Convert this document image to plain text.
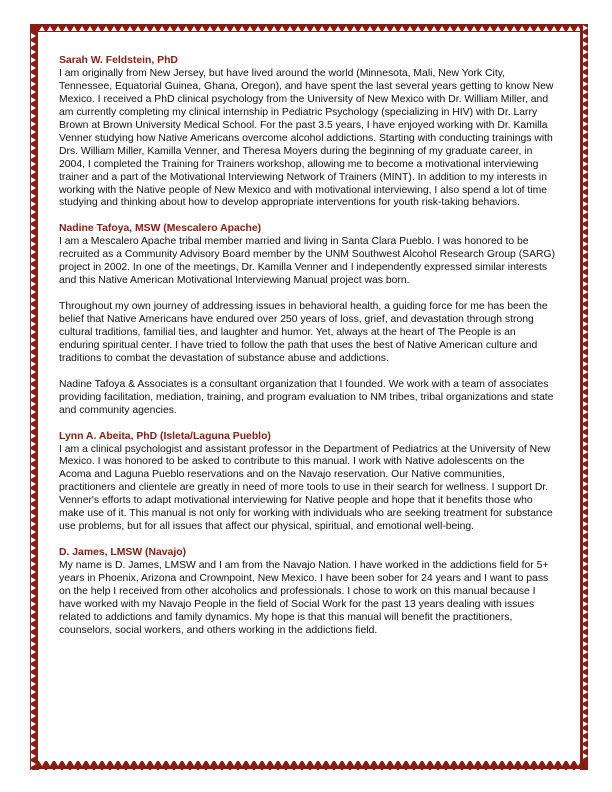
Sarah W. Feldstein, PhD

I am originally from New Jersey, but have lived around the world (Minnesota, Mali, New York City, Tennessee, Equatorial Guinea, Ghana, Oregon), and have spent the last several years getting to know New Mexico. I received a PhD clinical psychology from the University of New Mexico with Dr. William Miller, and am currently completing my clinical internship in Pediatric Psychology (specializing in HIV) with Dr. Larry Brown at Brown University Medical School. For the past 3.5 years, I have enjoyed working with Dr. Kamilla Venner studying how Native Americans overcome alcohol addictions. Starting with conducting trainings with Drs. William Miller, Kamilla Venner, and Theresa Moyers during the beginning of my graduate career, in 2004, I completed the Training for Trainers workshop, allowing me to become a motivational interviewing trainer and a part of the Motivational Interviewing Network of Trainers (MINT). In addition to my interests in working with the Native people of New Mexico and with motivational interviewing, I also spend a lot of time studying and thinking about how to develop appropriate interventions for youth risk-taking behaviors.

Nadine Tafoya, MSW (Mescalero Apache)

I am a Mescalero Apache tribal member married and living in Santa Clara Pueblo. I was honored to be recruited as a Community Advisory Board member by the UNM Southwest Alcohol Research Group (SARG) project in 2002. In one of the meetings, Dr. Kamilla Venner and I independently expressed similar interests and this Native American Motivational Interviewing Manual project was born.

Throughout my own journey of addressing issues in behavioral health, a guiding force for me has been the belief that Native Americans have endured over 250 years of loss, grief, and devastation through strong cultural traditions, familial ties, and laughter and humor. Yet, always at the heart of The People is an enduring spiritual center. I have tried to follow the path that uses the best of Native American culture and traditions to combat the devastation of substance abuse and addictions.

Nadine Tafoya & Associates is a consultant organization that I founded. We work with a team of associates providing facilitation, mediation, training, and program evaluation to NM tribes, tribal organizations and state and community agencies.

Lynn A. Abeita, PhD (Isleta/Laguna Pueblo)

I am a clinical psychologist and assistant professor in the Department of Pediatrics at the University of New Mexico. I was honored to be asked to contribute to this manual. I work with Native adolescents on the Acoma and Laguna Pueblo reservations and on the Navajo reservation. Our Native communities, practitioners and clientele are greatly in need of more tools to use in their search for wellness. I support Dr. Venner's efforts to adapt motivational interviewing for Native people and hope that it benefits those who make use of it. This manual is not only for working with individuals who are seeking treatment for substance use problems, but for all issues that affect our physical, spiritual, and emotional well-being.

D. James, LMSW (Navajo)

My name is D. James, LMSW and I am from the Navajo Nation. I have worked in the addictions field for 5+ years in Phoenix, Arizona and Crownpoint, New Mexico. I have been sober for 24 years and I want to pass on the help I received from other alcoholics and professionals. I chose to work on this manual because I have worked with my Navajo People in the field of Social Work for the past 13 years dealing with issues related to addictions and family dynamics. My hope is that this manual will benefit the practitioners, counselors, social workers, and others working in the addictions field.
